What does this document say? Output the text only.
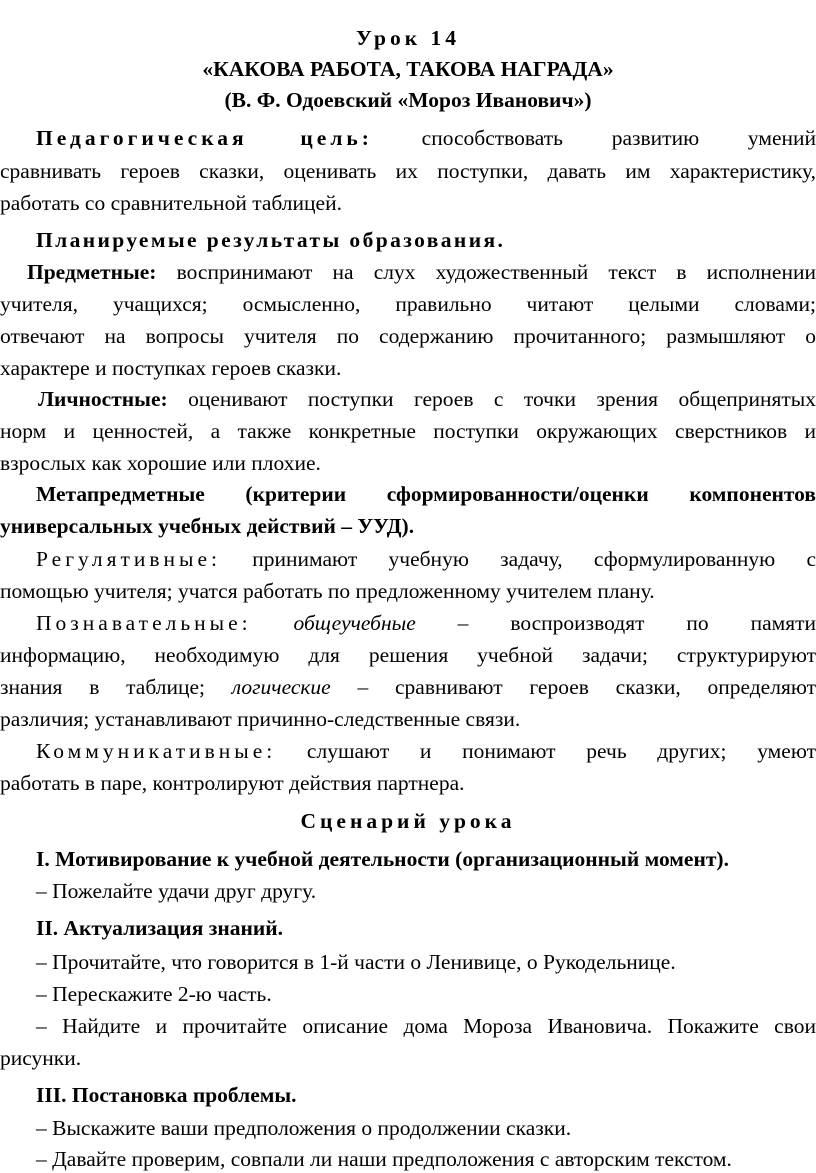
Урок 14
«КАКОВА РАБОТА, ТАКОВА НАГРАДА»
(В. Ф. Одоевский «Мороз Иванович»)
Педагогическая цель: способствовать развитию умений
сравнивать героев сказки, оценивать их поступки, давать им характеристику,
работать со сравнительной таблицей.
Планируемые результаты образования.
Предметные: воспринимают на слух художественный текст в исполнении
учителя, учащихся; осмысленно, правильно читают целыми словами;
отвечают на вопросы учителя по содержанию прочитанного; размышляют о
характере и поступках героев сказки.
Личностные: оценивают поступки героев с точки зрения общепринятых
норм и ценностей, а также конкретные поступки окружающих сверстников и
взрослых как хорошие или плохие.
Метапредметные (критерии сформированности/оценки компонентов
универсальных учебных действий – УУД).
Регулятивные: принимают учебную задачу, сформулированную с
помощью учителя; учатся работать по предложенному учителем плану.
Познавательные: общеучебные – воспроизводят по памяти
информацию, необходимую для решения учебной задачи; структурируют
знания в таблице; логические – сравнивают героев сказки, определяют
различия; устанавливают причинно-следственные связи.
Коммуникативные: слушают и понимают речь других; умеют
работать в паре, контролируют действия партнера.
Сценарий урока
I. Мотивирование к учебной деятельности (организационный момент).
– Пожелайте удачи друг другу.
II. Актуализация знаний.
– Прочитайте, что говорится в 1-й части о Ленивице, о Рукодельнице.
– Перескажите 2-ю часть.
– Найдите и прочитайте описание дома Мороза Ивановича. Покажите свои
рисунки.
III. Постановка проблемы.
– Выскажите ваши предположения о продолжении сказки.
– Давайте проверим, совпали ли наши предположения с авторским текстом.
